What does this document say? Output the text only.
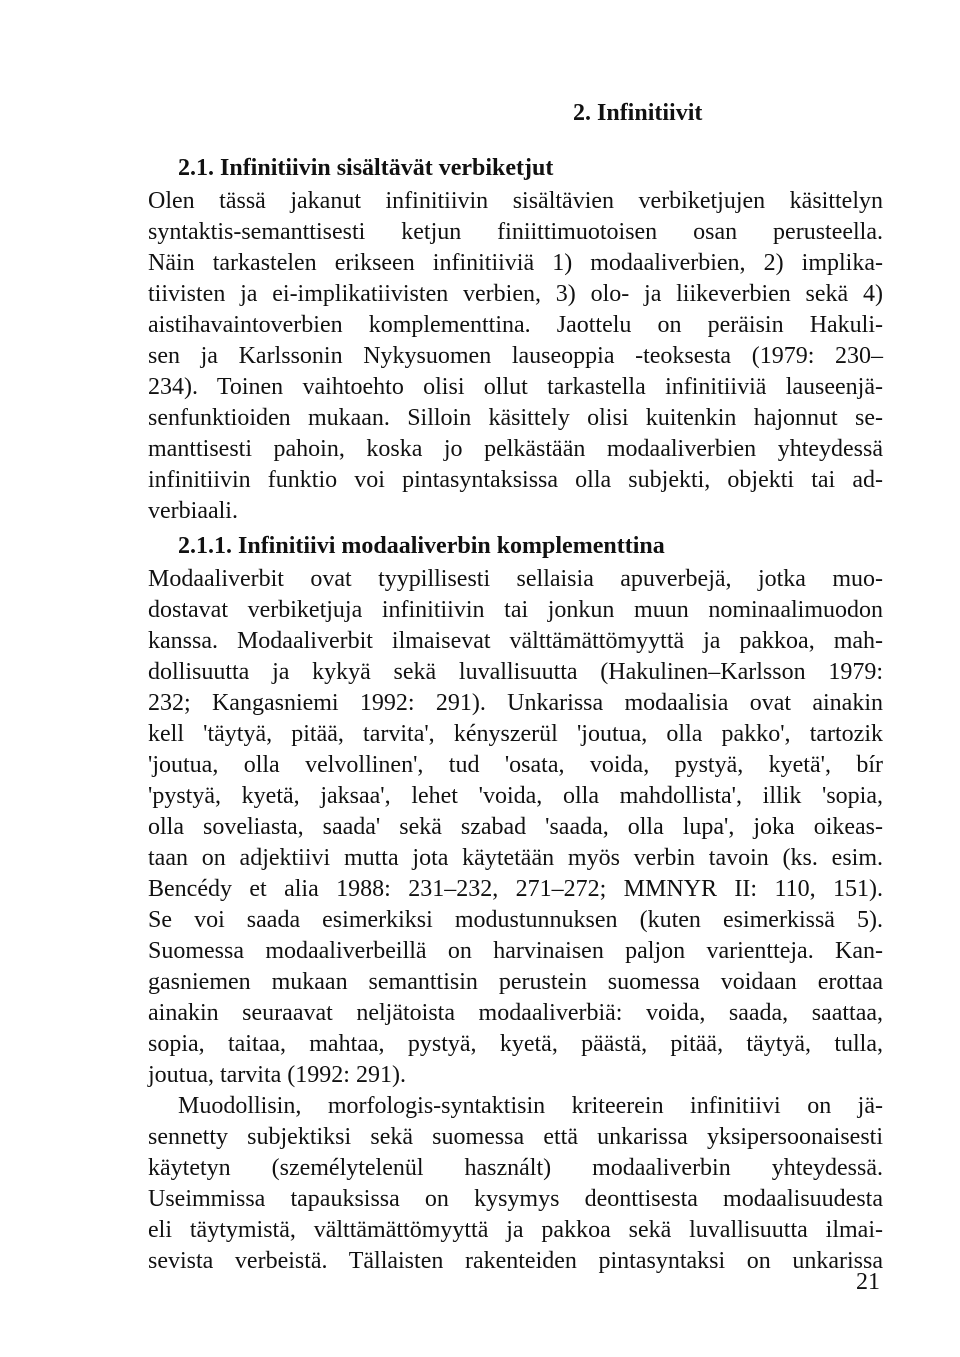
2. Infinitiivit
2.1. Infinitiivin sisältävät verbiketjut

Olen tässä jakanut infinitiivin sisältävien verbiketjujen käsittelyn

syntaktis-semanttisesti ketjun finiittimuotoisen osan perusteella.

Näin tarkastelen erikseen infinitiiviä 1) modaaliverbien, 2) implika-

tiivisten ja ei-implikatiivisten verbien, 3) olo- ja liikeverbien sekä 4)

aistihavaintoverbien komplementtina. Jaottelu on peräisin Hakuli-

sen ja Karlssonin Nykysuomen lauseoppia -teoksesta (1979: 230–

234). Toinen vaihtoehto olisi ollut tarkastella infinitiiviä lauseenjä-

senfunktioiden mukaan. Silloin käsittely olisi kuitenkin hajonnut se-

manttisesti pahoin, koska jo pelkästään modaaliverbien yhteydessä

infinitiivin funktio voi pintasyntaksissa olla subjekti, objekti tai ad-

verbiaali.

2.1.1. Infinitiivi modaaliverbin komplementtina

Modaaliverbit ovat tyypillisesti sellaisia apuverbejä, jotka muo-

dostavat verbiketjuja infinitiivin tai jonkun muun nominaalimuodon

kanssa. Modaaliverbit ilmaisevat välttämättömyyttä ja pakkoa, mah-

dollisuutta ja kykyä sekä luvallisuutta (Hakulinen–Karlsson 1979:

232; Kangasniemi 1992: 291). Unkarissa modaalisia ovat ainakin

kell 'täytyä, pitää, tarvita', kényszerül 'joutua, olla pakko', tartozik

'joutua, olla velvollinen', tud 'osata, voida, pystyä, kyetä', bír

'pystyä, kyetä, jaksaa', lehet 'voida, olla mahdollista', illik 'sopia,

olla soveliasta, saada' sekä szabad 'saada, olla lupa', joka oikeas-

taan on adjektiivi mutta jota käytetään myös verbin tavoin (ks. esim.

Bencédy et alia 1988: 231–232, 271–272; MMNYR II: 110, 151).

Se voi saada esimerkiksi modustunnuksen (kuten esimerkissä 5).

Suomessa modaaliverbeillä on harvinaisen paljon varientteja. Kan-

gasniemen mukaan semanttisin perustein suomessa voidaan erottaa

ainakin seuraavat neljätoista modaaliverbiä: voida, saada, saattaa,

sopia, taitaa, mahtaa, pystyä, kyetä, päästä, pitää, täytyä, tulla,

joutua, tarvita (1992: 291).

Muodollisin, morfologis-syntaktisin kriteerein infinitiivi on jä-

sennetty subjektiksi sekä suomessa että unkarissa yksipersoonaisesti

käytetyn (személytelenül használt) modaaliverbin yhteydessä.

Useimmissa tapauksissa on kysymys deonttisesta modaalisuudesta

eli täytymistä, välttämättömyyttä ja pakkoa sekä luvallisuutta ilmai-

sevista verbeistä. Tällaisten rakenteiden pintasyntaksi on unkarissa

21
